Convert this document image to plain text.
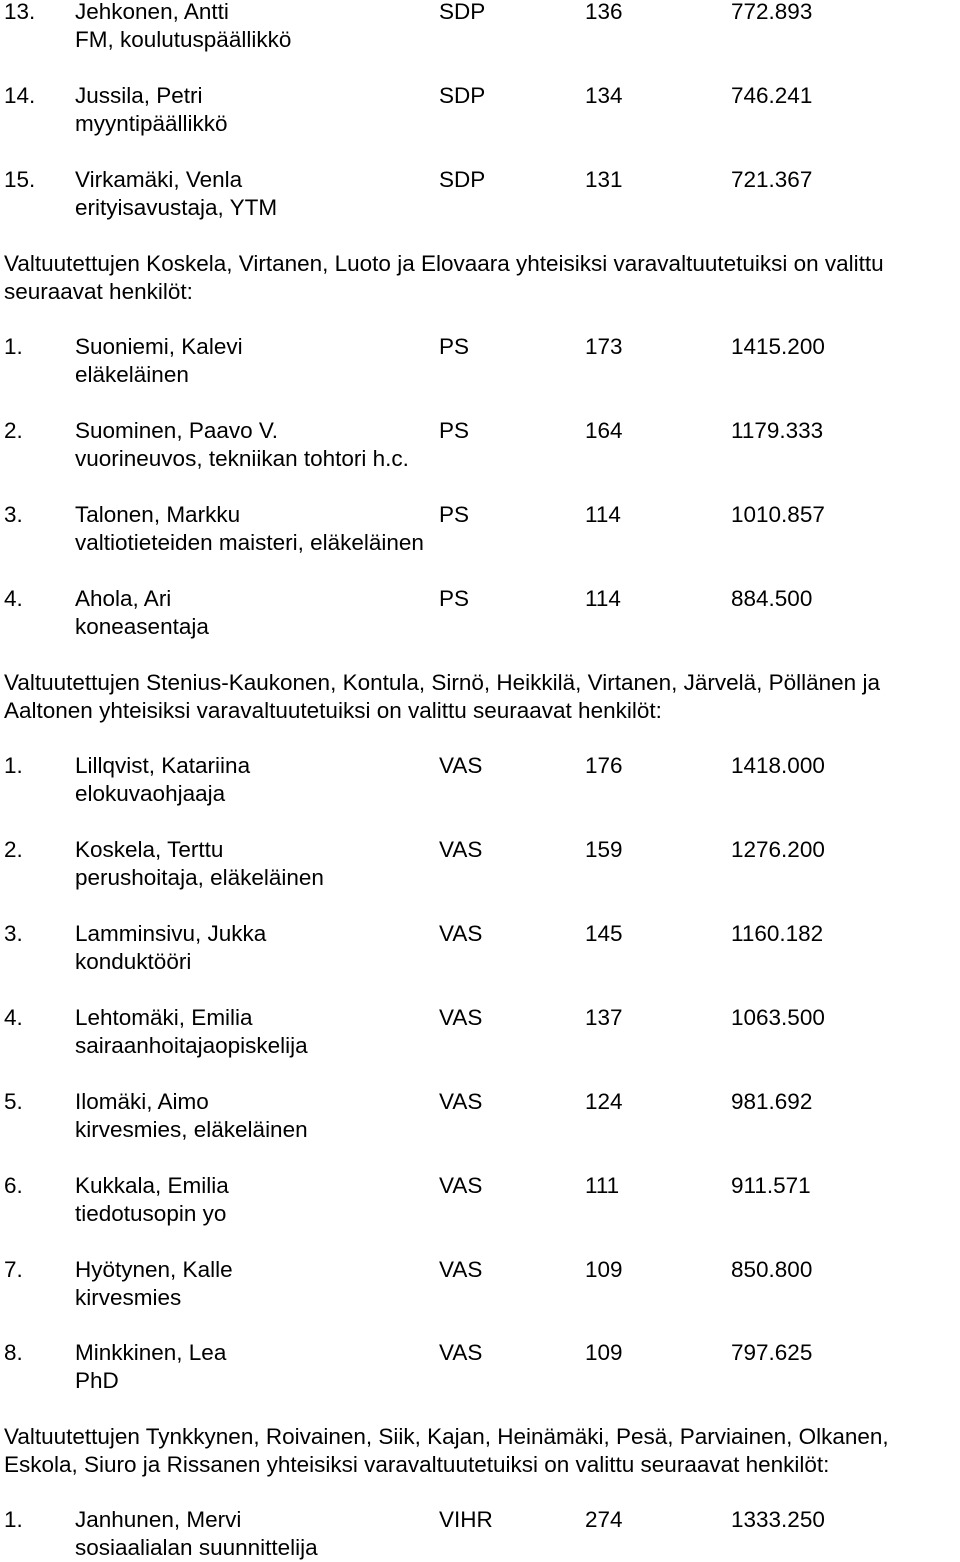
13. Jehkonen, Antti	SDP	136	772.893
FM, koulutuspäällikkö
14. Jussila, Petri	SDP	134	746.241
myyntipäällikkö
15. Virkamäki, Venla	SDP	131	721.367
erityisavustaja, YTM

Valtuutettujen Koskela, Virtanen, Luoto ja Elovaara yhteisiksi varavaltuutetuiksi on valittu seuraavat henkilöt:

1. Suoniemi, Kalevi	PS	173	1415.200
eläkeläinen
2. Suominen, Paavo V.	PS	164	1179.333
vuorineuvos, tekniikan tohtori h.c.
3. Talonen, Markku	PS	114	1010.857
valtiotieteiden maisteri, eläkeläinen
4. Ahola, Ari	PS	114	884.500
koneasentaja

Valtuutettujen Stenius-Kaukonen, Kontula, Sirnö, Heikkilä, Virtanen, Järvelä, Pöllänen ja Aaltonen yhteisiksi varavaltuutetuiksi on valittu seuraavat henkilöt:

1. Lillqvist, Katariina	VAS	176	1418.000
elokuvaohjaaja
2. Koskela, Terttu	VAS	159	1276.200
perushoitaja, eläkeläinen
3. Lamminsivu, Jukka	VAS	145	1160.182
konduktööri
4. Lehtomäki, Emilia	VAS	137	1063.500
sairaanhoitajaopiskelija
5. Ilomäki, Aimo	VAS	124	981.692
kirvesmies, eläkeläinen
6. Kukkala, Emilia	VAS	111	911.571
tiedotusopin yo
7. Hyötynen, Kalle	VAS	109	850.800
kirvesmies
8. Minkkinen, Lea	VAS	109	797.625
PhD

Valtuutettujen Tynkkynen, Roivainen, Siik, Kajan, Heinämäki, Pesä, Parviainen, Olkanen, Eskola, Siuro ja Rissanen yhteisiksi varavaltuutetuiksi on valittu seuraavat henkilöt:

1. Janhunen, Mervi	VIHR	274	1333.250
sosiaalialan suunnittelija
